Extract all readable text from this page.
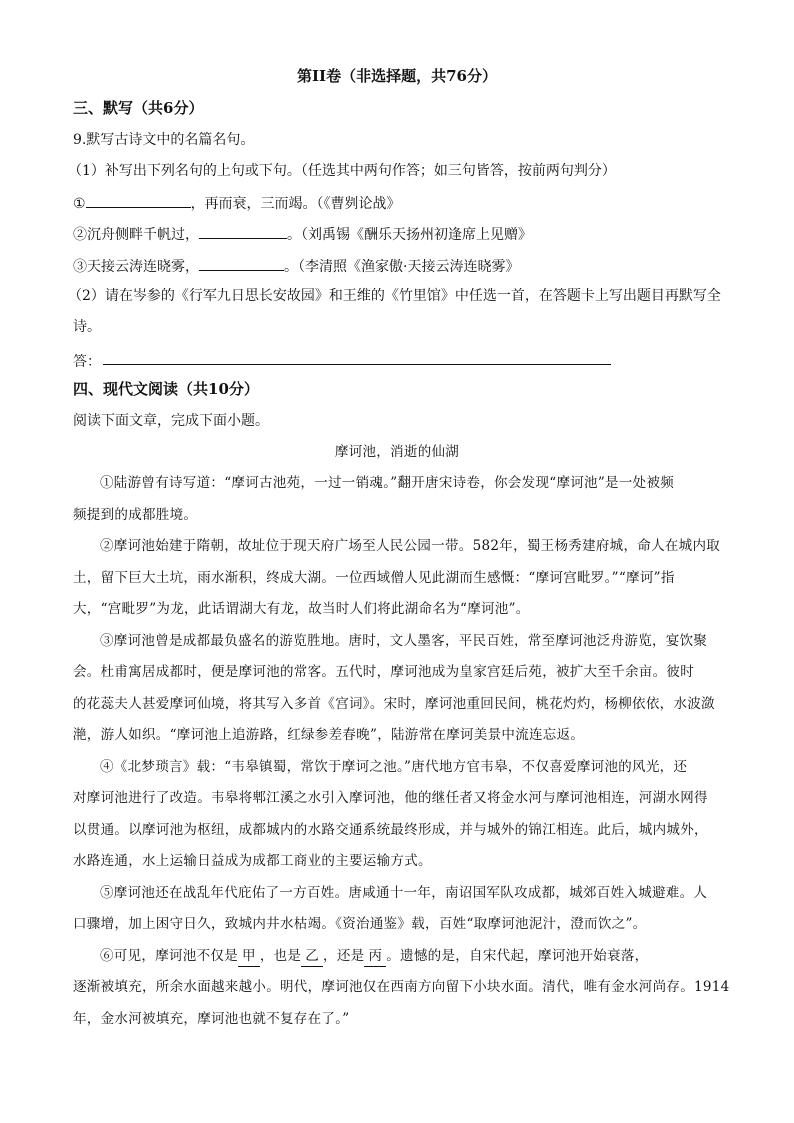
第II卷（非选择题，共76分）
三、默写（共6分）
9.默写古诗文中的名篇名句。
（1）补写出下列名句的上句或下句。（任选其中两句作答；如三句皆答，按前两句判分）
①	，再而衰，三而竭。（《曹刿论战》
②沉舟侧畔千帆过，	。（刘禹锡《酬乐天扬州初逢席上见赠》
③天接云涛连晓雾，	。（李清照《渔家傲·天接云涛连晓雾》
（2）请在岑参的《行军九日思长安故园》和王维的《竹里馆》中任选一首，在答题卡上写出题目再默写全
诗。
答：
四、现代文阅读（共10分）
阅读下面文章，完成下面小题。
摩诃池，消逝的仙湖
①陆游曾有诗写道：“摩诃古池苑，一过一销魂。”翻开唐宋诗卷，你会发现“摩诃池”是一处被频
频提到的成都胜境。
②摩诃池始建于隋朝，故址位于现天府广场至人民公园一带。582年，蜀王杨秀建府城，命人在城内取
土，留下巨大土坑，雨水渐积，终成大湖。一位西域僧人见此湖而生感慨：“摩诃宫毗罗。”“摩诃”指
大，“宫毗罗”为龙，此话谓湖大有龙，故当时人们将此湖命名为“摩诃池”。
③摩诃池曾是成都最负盛名的游览胜地。唐时，文人墨客，平民百姓，常至摩诃池泛舟游览，宴饮聚
会。杜甫寓居成都时，便是摩诃池的常客。五代时，摩诃池成为皇家宫廷后苑，被扩大至千余亩。彼时
的花蕊夫人甚爱摩诃仙境，将其写入多首《宫词》。宋时，摩诃池重回民间，桃花灼灼，杨柳依依，水波潋
滟，游人如织。“摩诃池上追游路，红绿参差春晚”，陆游常在摩诃美景中流连忘返。
④《北梦琐言》载：“韦皋镇蜀，常饮于摩诃之池。”唐代地方官韦皋，不仅喜爱摩诃池的风光，还
对摩诃池进行了改造。韦皋将郫江溪之水引入摩诃池，他的继任者又将金水河与摩诃池相连，河湖水网得
以贯通。以摩诃池为枢纽，成都城内的水路交通系统最终形成，并与城外的锦江相连。此后，城内城外，
水路连通，水上运输日益成为成都工商业的主要运输方式。
⑤摩诃池还在战乱年代庇佑了一方百姓。唐咸通十一年，南诏国军队攻成都，城郊百姓入城避难。人
口骤增，加上困守日久，致城内井水枯竭。《资治通鉴》载，百姓“取摩诃池泥汁，澄而饮之”。
⑥可见，摩诃池不仅是 甲 ，也是 乙 ，还是 丙 。遗憾的是，自宋代起，摩诃池开始衰落，
逐渐被填充，所余水面越来越小。明代，摩诃池仅在西南方向留下小块水面。清代，唯有金水河尚存。1914
年，金水河被填充，摩诃池也就不复存在了。”
